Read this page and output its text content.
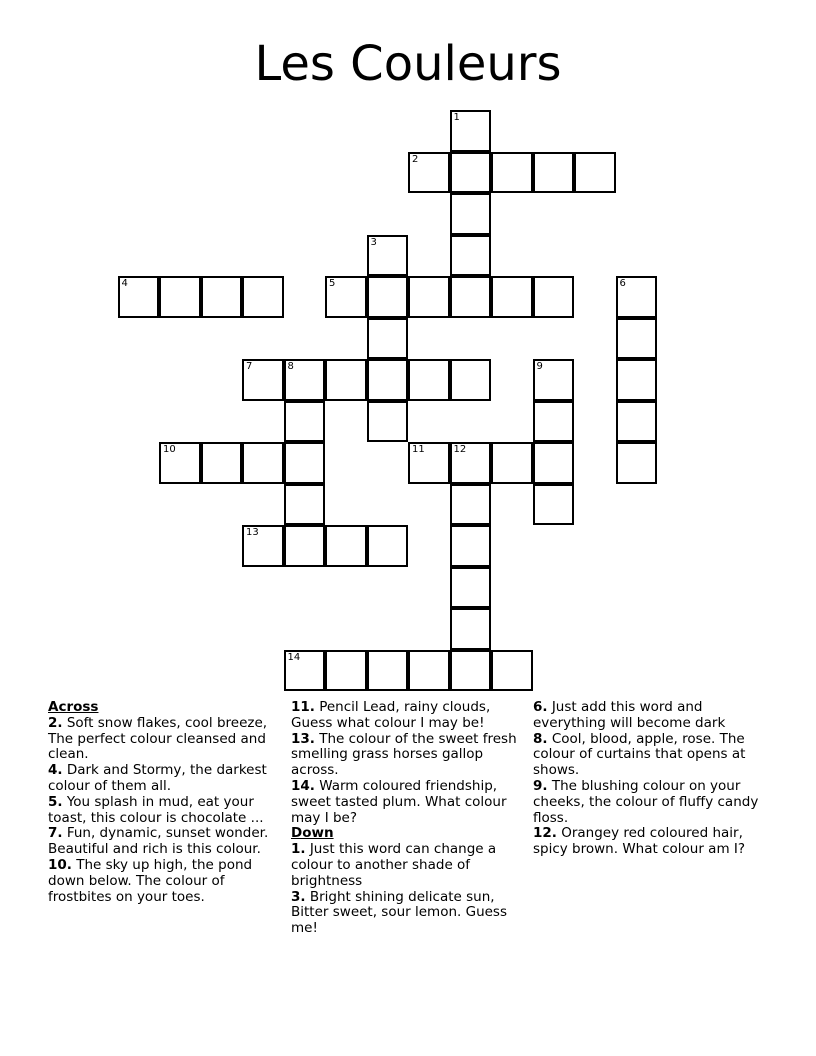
Les Couleurs
1
2
3
4	5	6
7	8	9
10	11	12
13
14

Across

2. Soft snow flakes, cool breeze, The perfect colour cleansed and clean.

4. Dark and Stormy, the darkest colour of them all.

5. You splash in mud, eat your toast, this colour is chocolate ...

7. Fun, dynamic, sunset wonder. Beautiful and rich is this colour.

10. The sky up high, the pond down below. The colour of frostbites on your toes.

11. Pencil Lead, rainy clouds, Guess what colour I may be!

13. The colour of the sweet fresh smelling grass horses gallop across.

14. Warm coloured friendship, sweet tasted plum. What colour may I be?

Down

1. Just this word can change a colour to another shade of brightness

3. Bright shining delicate sun, Bitter sweet, sour lemon. Guess me!

6. Just add this word and everything will become dark

8. Cool, blood, apple, rose. The colour of curtains that opens at shows.

9. The blushing colour on your cheeks, the colour of fluffy candy floss.

12. Orangey red coloured hair, spicy brown. What colour am I?
